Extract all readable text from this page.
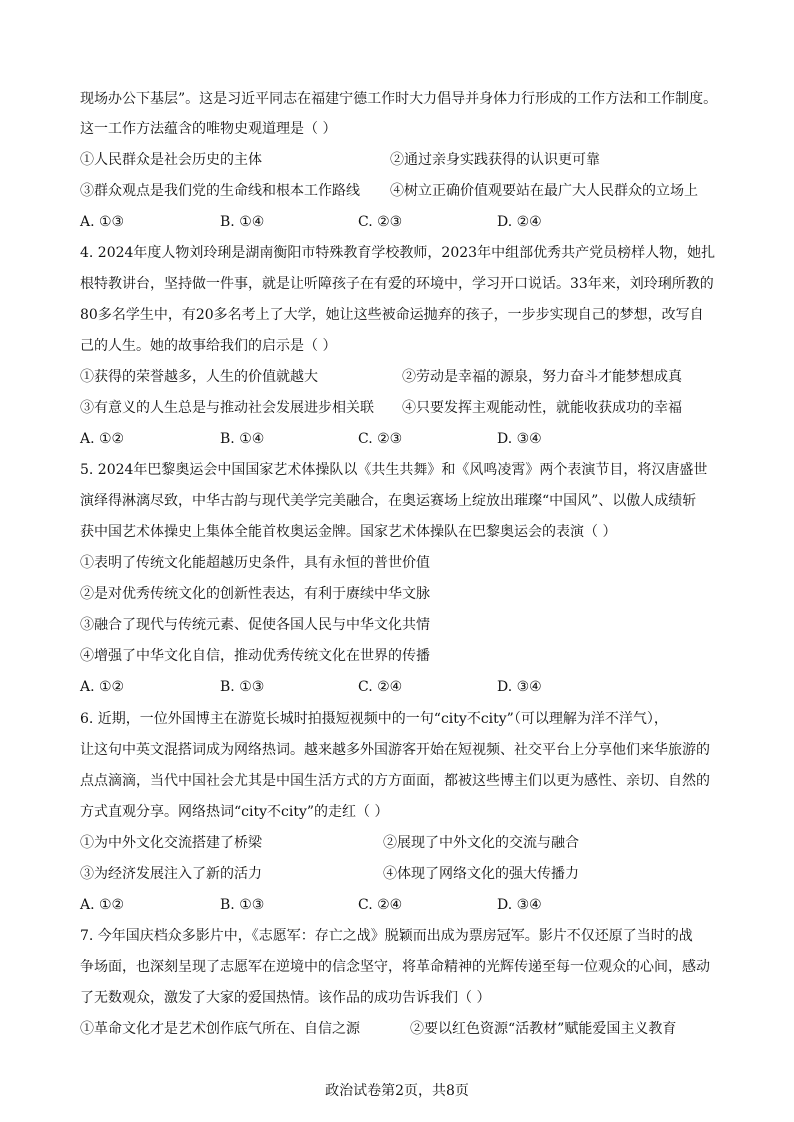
现场办公下基层”。这是习近平同志在福建宁德工作时大力倡导并身体力行形成的工作方法和工作制度。
这一工作方法蕴含的唯物史观道理是（ ）
①人民群众是社会历史的主体	②通过亲身实践获得的认识更可靠
③群众观点是我们党的生命线和根本工作路线 ④树立正确价值观要站在最广大人民群众的立场上
A. ①③	B. ①④	C. ②③	D. ②④
4. 2024年度人物刘玲琍是湖南衡阳市特殊教育学校教师，2023年中组部优秀共产党员榜样人物，她扎
根特教讲台，坚持做一件事，就是让听障孩子在有爱的环境中，学习开口说话。33年来，刘玲琍所教的
80多名学生中，有20多名考上了大学，她让这些被命运抛弃的孩子，一步步实现自己的梦想，改写自
己的人生。她的故事给我们的启示是（ ）
①获得的荣誉越多，人生的价值就越大	②劳动是幸福的源泉，努力奋斗才能梦想成真
③有意义的人生总是与推动社会发展进步相关联 ④只要发挥主观能动性，就能收获成功的幸福
A. ①②	B. ①④	C. ②③	D. ③④
5. 2024年巴黎奥运会中国国家艺术体操队以《共生共舞》和《风鸣凌霄》两个表演节目，将汉唐盛世
演绎得淋漓尽致，中华古韵与现代美学完美融合，在奥运赛场上绽放出璀璨“中国风”、以傲人成绩斩
获中国艺术体操史上集体全能首枚奥运金牌。国家艺术体操队在巴黎奥运会的表演（ ）
①表明了传统文化能超越历史条件，具有永恒的普世价值
②是对优秀传统文化的创新性表达，有利于赓续中华文脉
③融合了现代与传统元素、促使各国人民与中华文化共情
④增强了中华文化自信，推动优秀传统文化在世界的传播
A. ①②	B. ①③	C. ②④	D. ③④
6. 近期，一位外国博主在游览长城时拍摄短视频中的一句“city不city”（可以理解为洋不洋气），
让这句中英文混搭词成为网络热词。越来越多外国游客开始在短视频、社交平台上分享他们来华旅游的
点点滴滴，当代中国社会尤其是中国生活方式的方方面面，都被这些博主们以更为感性、亲切、自然的
方式直观分享。网络热词“city不city”的走红（ ）
①为中外文化交流搭建了桥梁	②展现了中外文化的交流与融合
③为经济发展注入了新的活力	④体现了网络文化的强大传播力
A. ①②	B. ①③	C. ②④	D. ③④
7. 今年国庆档众多影片中，《志愿军：存亡之战》脱颖而出成为票房冠军。影片不仅还原了当时的战
争场面，也深刻呈现了志愿军在逆境中的信念坚守，将革命精神的光辉传递至每一位观众的心间，感动
了无数观众，激发了大家的爱国热情。该作品的成功告诉我们（ ）
①革命文化才是艺术创作底气所在、自信之源	②要以红色资源“活教材”赋能爱国主义教育
政治试卷第2页，共8页
